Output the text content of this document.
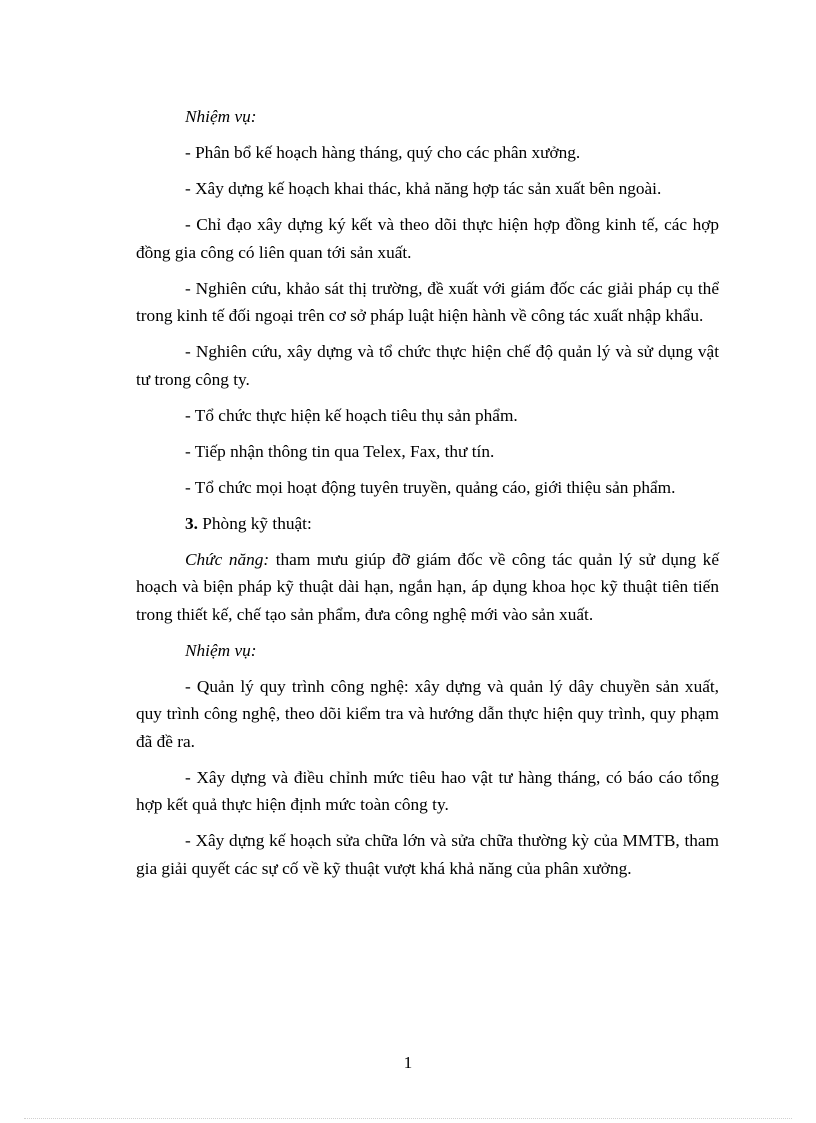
Nhiệm vụ:

- Phân bổ kế hoạch hàng tháng, quý cho các phân xưởng.

- Xây dựng kế hoạch khai thác, khả năng hợp tác sản xuất bên ngoài.

- Chỉ đạo xây dựng ký kết và theo dõi thực hiện hợp đồng kinh tế, các hợp đồng gia công có liên quan tới sản xuất.

- Nghiên cứu, khảo sát thị trường, đề xuất với giám đốc các giải pháp cụ thể trong kinh tế đối ngoại trên cơ sở pháp luật hiện hành về công tác xuất nhập khẩu.

- Nghiên cứu, xây dựng và tổ chức thực hiện chế độ quản lý và sử dụng vật tư trong công ty.

- Tổ chức thực hiện kế hoạch tiêu thụ sản phẩm.

- Tiếp nhận thông tin qua Telex, Fax, thư tín.

- Tổ chức mọi hoạt động tuyên truyền, quảng cáo, giới thiệu sản phẩm.

3. Phòng kỹ thuật:

Chức năng: tham mưu giúp đỡ giám đốc về công tác quản lý sử dụng kế hoạch và biện pháp kỹ thuật dài hạn, ngắn hạn, áp dụng khoa học kỹ thuật tiên tiến trong thiết kế, chế tạo sản phẩm, đưa công nghệ mới vào sản xuất.

Nhiệm vụ:

- Quản lý quy trình công nghệ: xây dựng và quản lý dây chuyền sản xuất, quy trình công nghệ, theo dõi kiểm tra và hướng dẫn thực hiện quy trình, quy phạm đã đề ra.

- Xây dựng và điều chỉnh mức tiêu hao vật tư hàng tháng, có báo cáo tổng hợp kết quả thực hiện định mức toàn công ty.

- Xây dựng kế hoạch sửa chữa lớn và sửa chữa thường kỳ của MMTB, tham gia giải quyết các sự cố về kỹ thuật vượt khá khả năng của phân xưởng.

1
